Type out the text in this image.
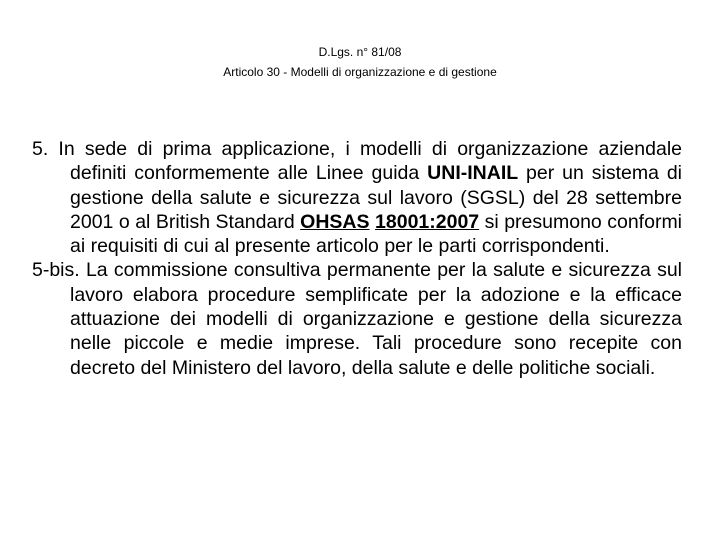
D.Lgs. n° 81/08
Articolo 30 - Modelli di organizzazione e di gestione

5. In sede di prima applicazione, i modelli di organizzazione aziendale definiti conformemente alle Linee guida UNI-INAIL per un sistema di gestione della salute e sicurezza sul lavoro (SGSL) del 28 settembre 2001 o al British Standard OHSAS 18001:2007 si presumono conformi ai requisiti di cui al presente articolo per le parti corrispondenti.

5-bis. La commissione consultiva permanente per la salute e sicurezza sul lavoro elabora procedure semplificate per la adozione e la efficace attuazione dei modelli di organizzazione e gestione della sicurezza nelle piccole e medie imprese. Tali procedure sono recepite con decreto del Ministero del lavoro, della salute e delle politiche sociali.
